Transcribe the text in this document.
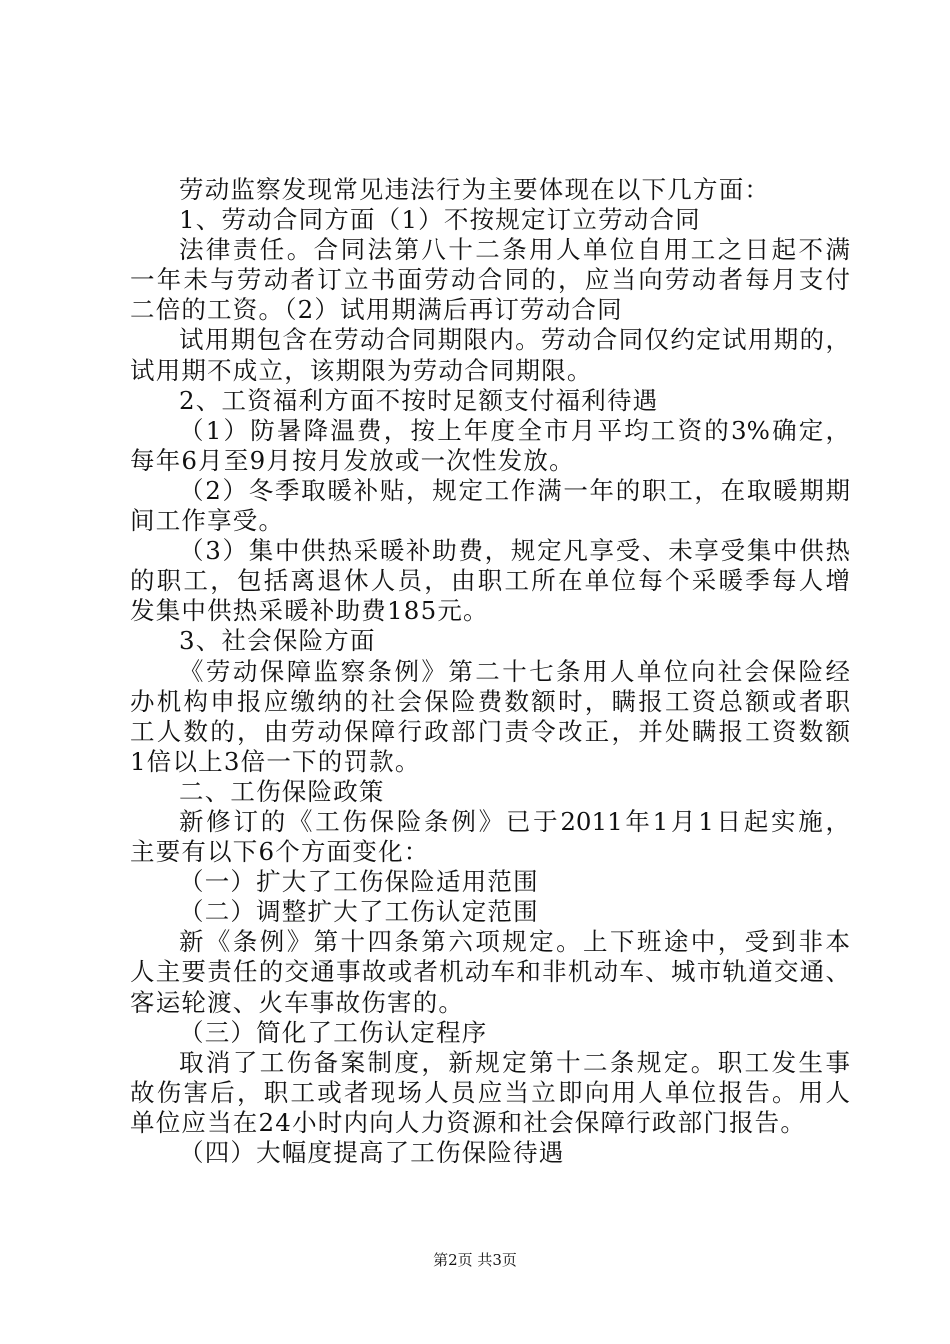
劳动监察发现常见违法行为主要体现在以下几方面：
1、劳动合同方面（1）不按规定订立劳动合同
法律责任。合同法第八十二条用人单位自用工之日起不满
一年未与劳动者订立书面劳动合同的，应当向劳动者每月支付
二倍的工资。（2）试用期满后再订劳动合同
试用期包含在劳动合同期限内。劳动合同仅约定试用期的，
试用期不成立，该期限为劳动合同期限。
2、工资福利方面不按时足额支付福利待遇
（1）防暑降温费，按上年度全市月平均工资的3%确定，
每年6月至9月按月发放或一次性发放。
（2）冬季取暖补贴，规定工作满一年的职工，在取暖期期
间工作享受。
（3）集中供热采暖补助费，规定凡享受、未享受集中供热
的职工，包括离退休人员，由职工所在单位每个采暖季每人增
发集中供热采暖补助费185元。
3、社会保险方面
《劳动保障监察条例》第二十七条用人单位向社会保险经
办机构申报应缴纳的社会保险费数额时，瞒报工资总额或者职
工人数的，由劳动保障行政部门责令改正，并处瞒报工资数额
1倍以上3倍一下的罚款。
二、工伤保险政策
新修订的《工伤保险条例》已于2011年1月1日起实施，
主要有以下6个方面变化：
（一）扩大了工伤保险适用范围
（二）调整扩大了工伤认定范围
新《条例》第十四条第六项规定。上下班途中，受到非本
人主要责任的交通事故或者机动车和非机动车、城市轨道交通、
客运轮渡、火车事故伤害的。
（三）简化了工伤认定程序
取消了工伤备案制度，新规定第十二条规定。职工发生事
故伤害后，职工或者现场人员应当立即向用人单位报告。用人
单位应当在24小时内向人力资源和社会保障行政部门报告。
（四）大幅度提高了工伤保险待遇
第2页 共3页
